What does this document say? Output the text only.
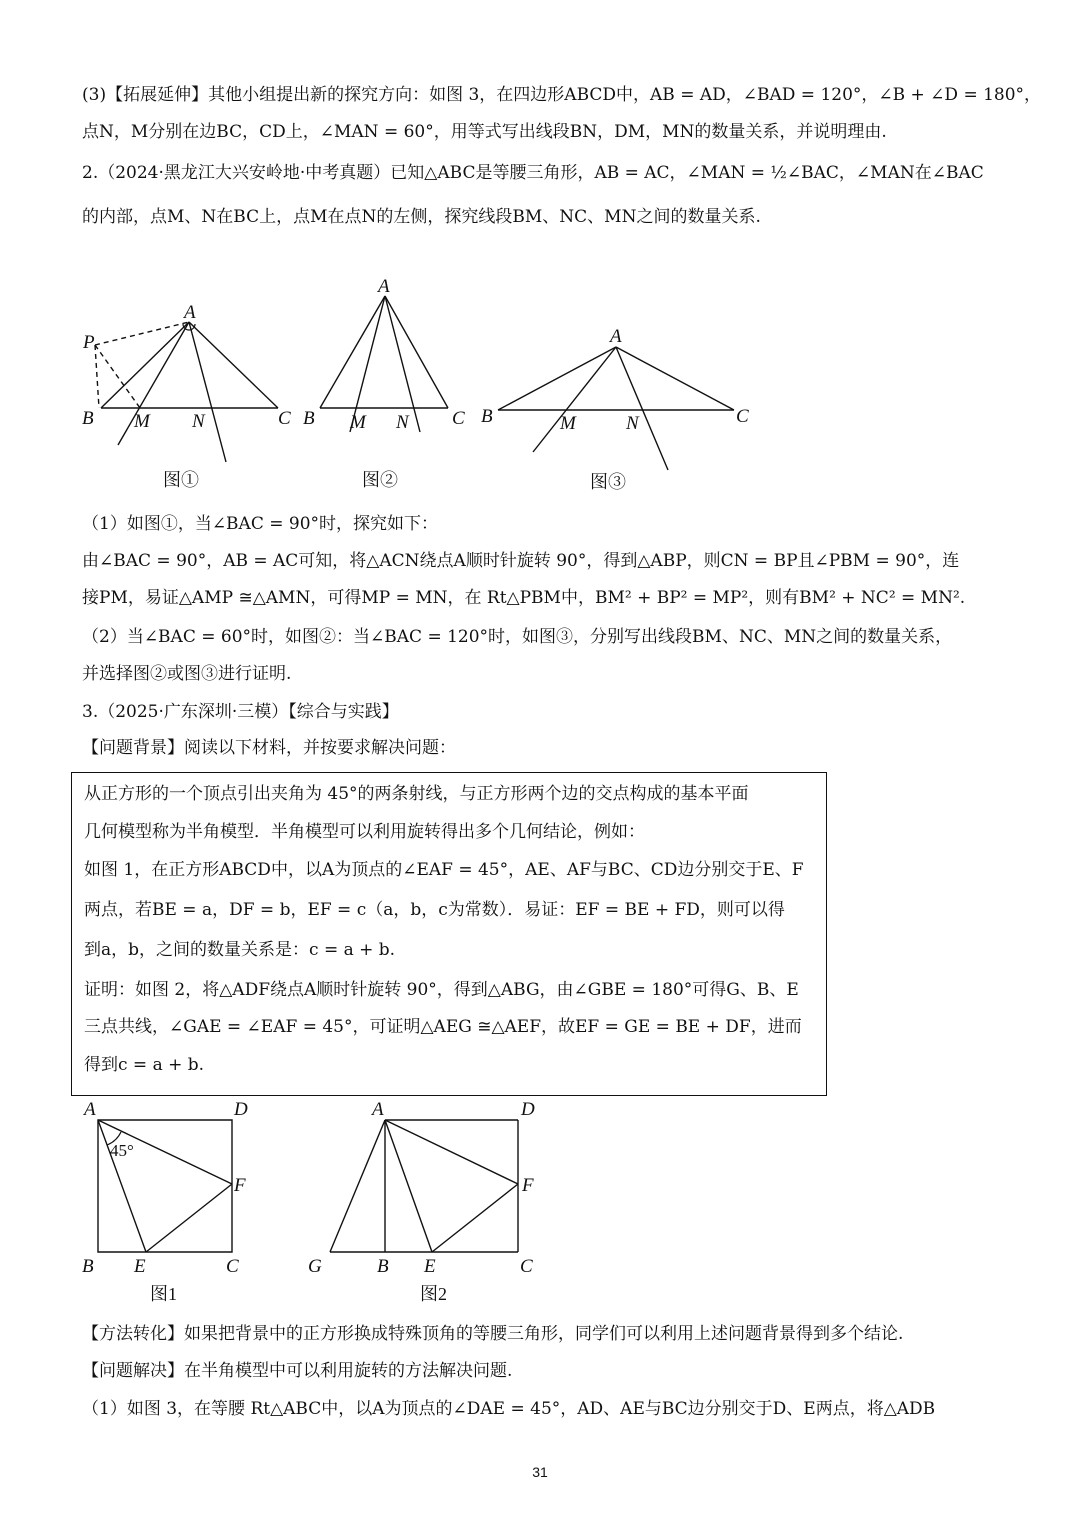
(3)【拓展延伸】其他小组提出新的探究方向：如图 3，在四边形ABCD中，AB = AD，∠BAD = 120°，∠B + ∠D = 180°，
点N，M分别在边BC，CD上，∠MAN = 60°，用等式写出线段BN，DM，MN的数量关系，并说明理由.
2.（2024·黑龙江大兴安岭地·中考真题）已知△ABC是等腰三角形，AB = AC，∠MAN = ½∠BAC，∠MAN在∠BAC
的内部，点M、N在BC上，点M在点N的左侧，探究线段BM、NC、MN之间的数量关系.
A
P
B M N	C
图①
A
B M N C
图②
A
B	M	N	C
图③
（1）如图①，当∠BAC = 90°时，探究如下：
由∠BAC = 90°，AB = AC可知，将△ACN绕点A顺时针旋转 90°，得到△ABP，则CN = BP且∠PBM = 90°，连
接PM，易证△AMP ≅△AMN，可得MP = MN，在 Rt△PBM中，BM² + BP² = MP²，则有BM² + NC² = MN².
（2）当∠BAC = 60°时，如图②：当∠BAC = 120°时，如图③，分别写出线段BM、NC、MN之间的数量关系，
并选择图②或图③进行证明.
3.（2025·广东深圳·三模）【综合与实践】
【问题背景】阅读以下材料，并按要求解决问题：
从正方形的一个顶点引出夹角为 45°的两条射线，与正方形两个边的交点构成的基本平面
几何模型称为半角模型．半角模型可以利用旋转得出多个几何结论，例如：
如图 1，在正方形ABCD中，以A为顶点的∠EAF = 45°，AE、AF与BC、CD边分别交于E、F
两点，若BE = a，DF = b，EF = c（a，b，c为常数）．易证：EF = BE + FD，则可以得
到a，b，之间的数量关系是：c = a + b.
证明：如图 2，将△ADF绕点A顺时针旋转 90°，得到△ABG，由∠GBE = 180°可得G、B、E
三点共线，∠GAE = ∠EAF = 45°，可证明△AEG ≅△AEF，故EF = GE = BE + DF，进而
得到c = a + b.
A	D
45°
F
B E	C
图1
A	D
F
G	B E	C
图2
【方法转化】如果把背景中的正方形换成特殊顶角的等腰三角形，同学们可以利用上述问题背景得到多个结论.
【问题解决】在半角模型中可以利用旋转的方法解决问题.
（1）如图 3，在等腰 Rt△ABC中，以A为顶点的∠DAE = 45°，AD、AE与BC边分别交于D、E两点，将△ADB
31
